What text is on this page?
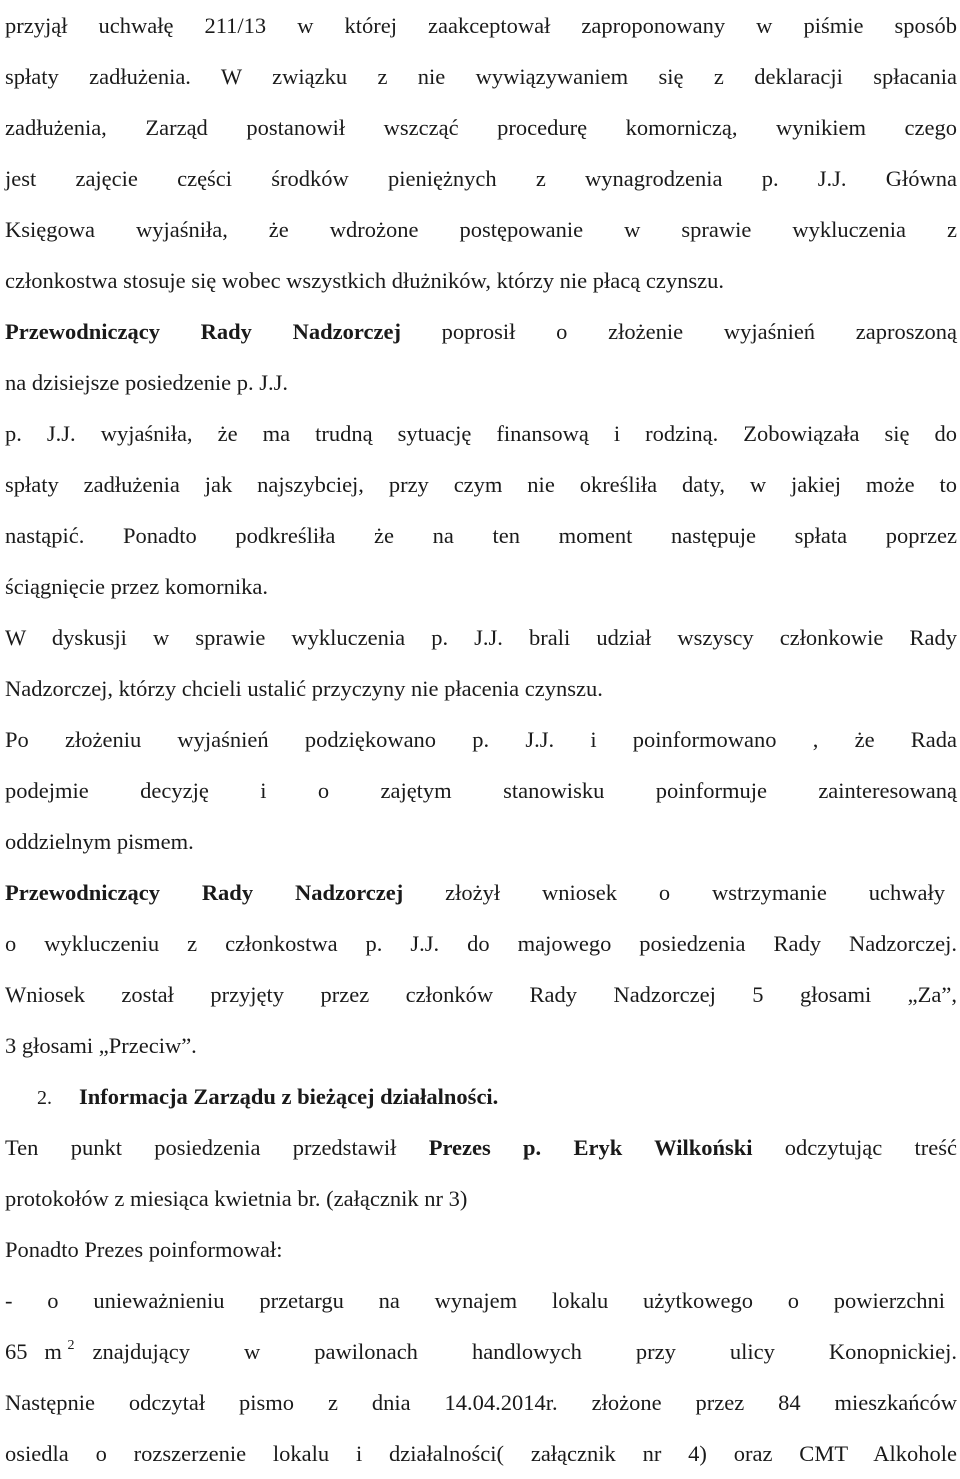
przyjął uchwałę 211/13 w której zaakceptował zaproponowany w piśmie sposób
spłaty zadłużenia. W związku z nie wywiązywaniem się z deklaracji spłacania
zadłużenia, Zarząd postanowił wszcząć procedurę komorniczą, wynikiem czego
jest zajęcie części środków pieniężnych z wynagrodzenia p. J.J. Główna
Księgowa wyjaśniła, że wdrożone postępowanie w sprawie wykluczenia z
członkostwa stosuje się wobec wszystkich dłużników, którzy nie płacą czynszu.
Przewodniczący Rady Nadzorczej poprosił o złożenie wyjaśnień zaproszoną
na dzisiejsze posiedzenie p. J.J.
p. J.J. wyjaśniła, że ma trudną sytuację finansową i rodziną. Zobowiązała się do
spłaty zadłużenia jak najszybciej, przy czym nie określiła daty, w jakiej może to
nastąpić. Ponadto podkreśliła że na ten moment następuje spłata poprzez
ściągnięcie przez komornika.
W dyskusji w sprawie wykluczenia p. J.J. brali udział wszyscy członkowie Rady
Nadzorczej, którzy chcieli ustalić przyczyny nie płacenia czynszu.
Po złożeniu wyjaśnień podziękowano p. J.J. i poinformowano , że Rada
podejmie decyzję i o zajętym stanowisku poinformuje zainteresowaną
oddzielnym pismem.
Przewodniczący Rady Nadzorczej złożył wniosek o wstrzymanie uchwały
o wykluczeniu z członkostwa p. J.J. do majowego posiedzenia Rady Nadzorczej.
Wniosek został przyjęty przez członków Rady Nadzorczej 5 głosami „Za”,
3 głosami „Przeciw”.
2. Informacja Zarządu z bieżącej działalności.
Ten punkt posiedzenia przedstawił Prezes p. Eryk Wilkoński odczytując treść
protokołów z miesiąca kwietnia br. (załącznik nr 3)
Ponadto Prezes poinformował:
- o unieważnieniu przetargu na wynajem lokalu użytkowego o powierzchni
65 m $^2$ znajdujący w pawilonach handlowych przy ulicy Konopnickiej.
Następnie odczytał pismo z dnia 14.04.2014r. złożone przez 84 mieszkańców
osiedla o rozszerzenie lokalu i działalności( załącznik nr 4) oraz CMT Alkohole
